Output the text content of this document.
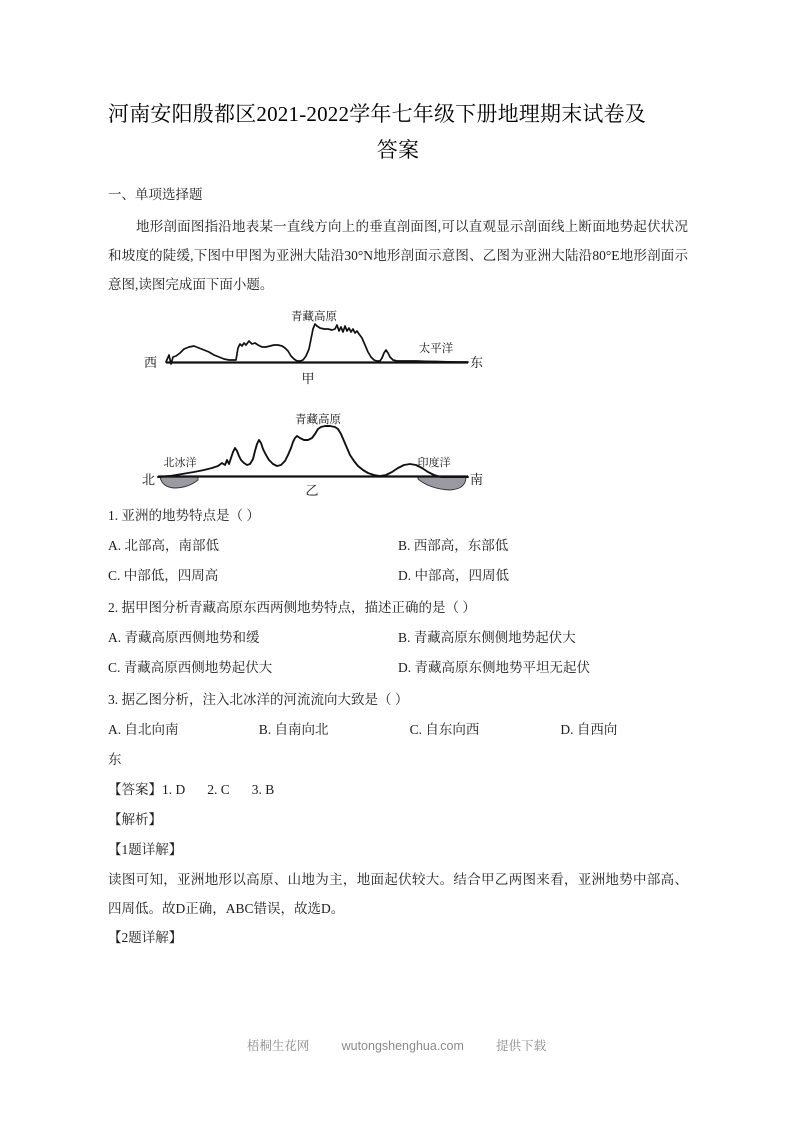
河南安阳殷都区2021-2022学年七年级下册地理期末试卷及
答案
一、单项选择题
地形剖面图指沿地表某一直线方向上的垂直剖面图,可以直观显示剖面线上断面地势起伏状况和坡度的陡缓,下图中甲图为亚洲大陆沿30°N地形剖面示意图、乙图为亚洲大陆沿80°E地形剖面示意图,读图完成面下面小题。
青藏高原
太平洋
西	东
甲
青藏高原
北冰洋	印度洋
北	南
乙
1. 亚洲的地势特点是（ ）
A. 北部高，南部低	B. 西部高，东部低
C. 中部低，四周高	D. 中部高，四周低
2. 据甲图分析青藏高原东西两侧地势特点，描述正确的是（ ）
A. 青藏高原西侧地势和缓	B. 青藏高原东侧侧地势起伏大
C. 青藏高原西侧地势起伏大	D. 青藏高原东侧地势平坦无起伏
3. 据乙图分析，注入北冰洋的河流流向大致是（ ）
A. 自北向南	B. 自南向北	C. 自东向西	D. 自西向
东
【答案】1. D 2. C 3. B
【解析】
【1题详解】
读图可知，亚洲地形以高原、山地为主，地面起伏较大。结合甲乙两图来看，亚洲地势中部高、四周低。故D正确，ABC错误，故选D。
【2题详解】
梧桐生花网	wutongshenghua.com	提供下载
